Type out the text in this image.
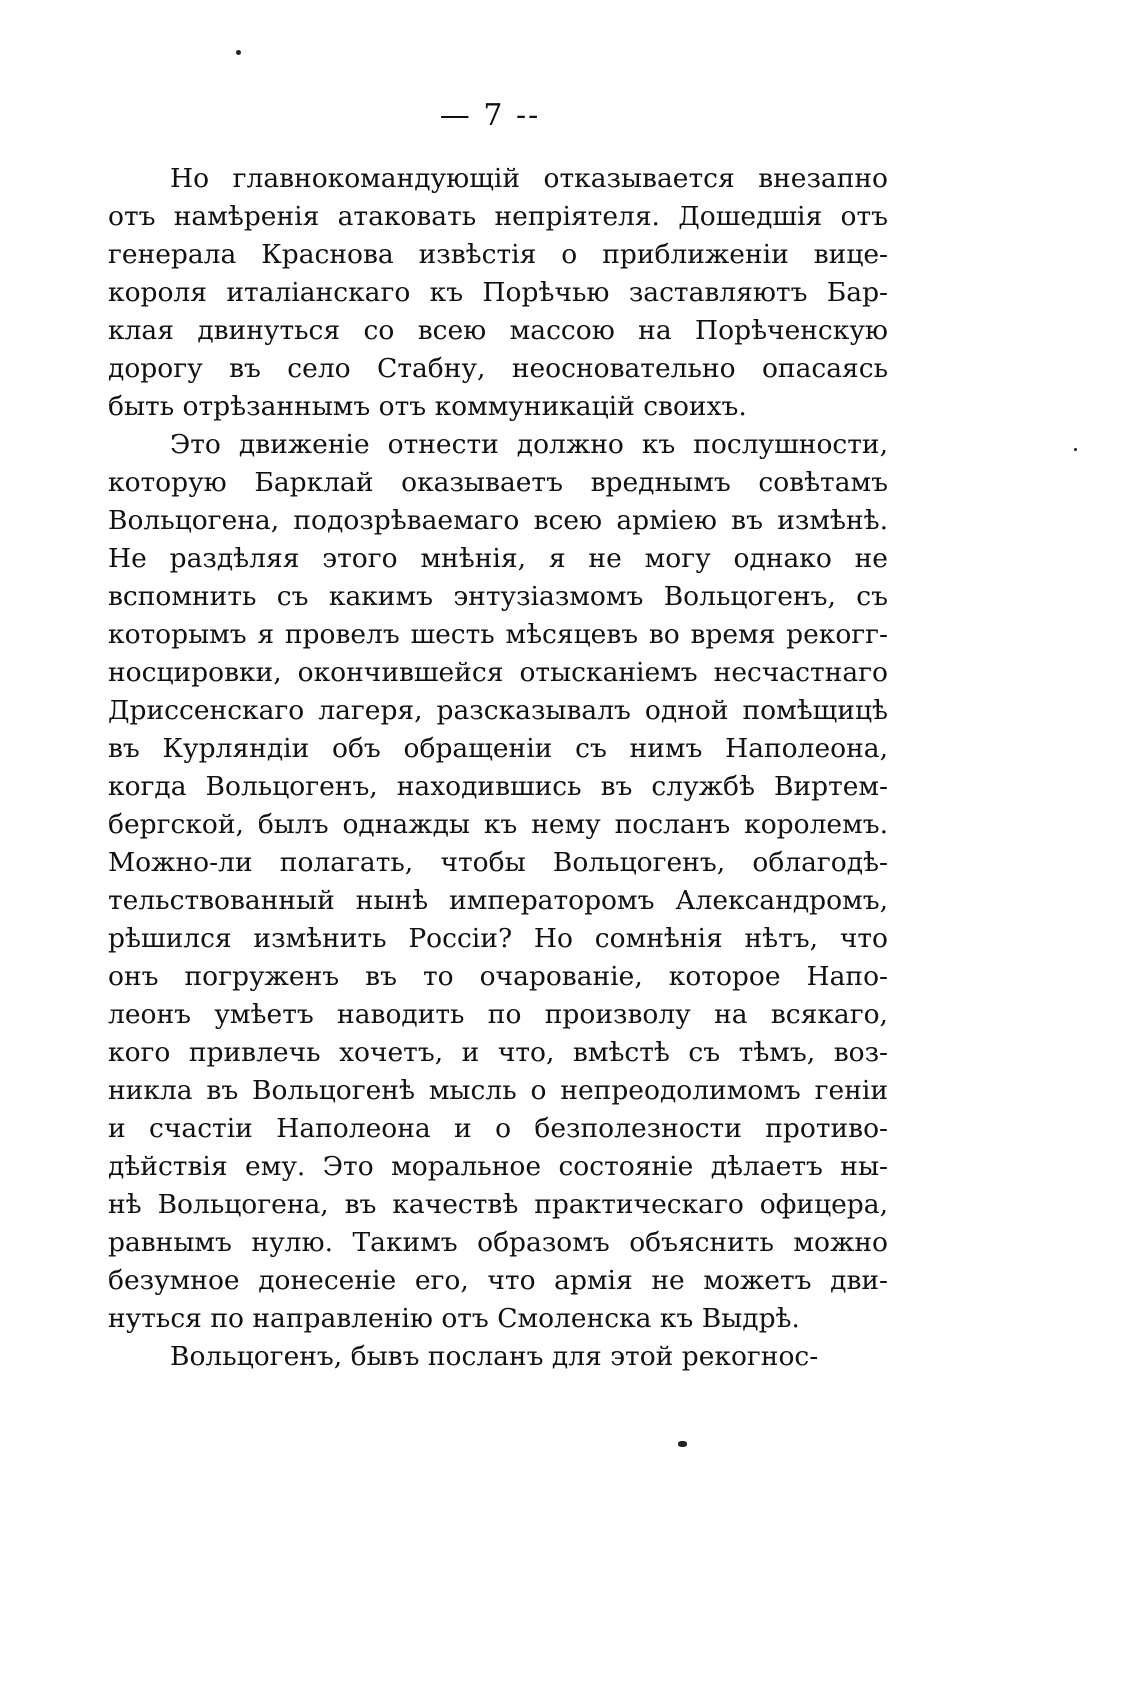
— 7 --
Но главнокомандующій отказывается внезапно
отъ намѣренія атаковать непріятеля. Дошедшія отъ
генерала Краснова извѣстія о приближеніи вице-
короля италіанскаго къ Порѣчью заставляютъ Бар-
клая двинуться со всею массою на Порѣченскую
дорогу въ село Стабну, неосновательно опасаясь
быть отрѣзаннымъ отъ коммуникацій своихъ.
Это движеніе отнести должно къ послушности,
которую Барклай оказываетъ вреднымъ совѣтамъ
Вольцогена, подозрѣваемаго всею арміею въ измѣнѣ.
Не раздѣляя этого мнѣнія, я не могу однако не
вспомнить съ какимъ энтузіазмомъ Вольцогенъ, съ
которымъ я провелъ шесть мѣсяцевъ во время рекогг-
носцировки, окончившейся отысканіемъ несчастнаго
Дриссенскаго лагеря, разсказывалъ одной помѣщицѣ
въ Курляндіи объ обращеніи съ нимъ Наполеона,
когда Вольцогенъ, находившись въ службѣ Виртем-
бергской, былъ однажды къ нему посланъ королемъ.
Можно-ли полагать, чтобы Вольцогенъ, облагодѣ-
тельствованный нынѣ императоромъ Александромъ,
рѣшился измѣнить Россіи? Но сомнѣнія нѣтъ, что
онъ погруженъ въ то очарованіе, которое Напо-
леонъ умѣетъ наводить по произволу на всякаго,
кого привлечь хочетъ, и что, вмѣстѣ съ тѣмъ, воз-
никла въ Вольцогенѣ мысль о непреодолимомъ геніи
и счастіи Наполеона и о безполезности противо-
дѣйствія ему. Это моральное состояніе дѣлаетъ ны-
нѣ Вольцогена, въ качествѣ практическаго офицера,
равнымъ нулю. Такимъ образомъ объяснить можно
безумное донесеніе его, что армія не можетъ дви-
нуться по направленію отъ Смоленска къ Выдрѣ.
Вольцогенъ, бывъ посланъ для этой рекогнос-
